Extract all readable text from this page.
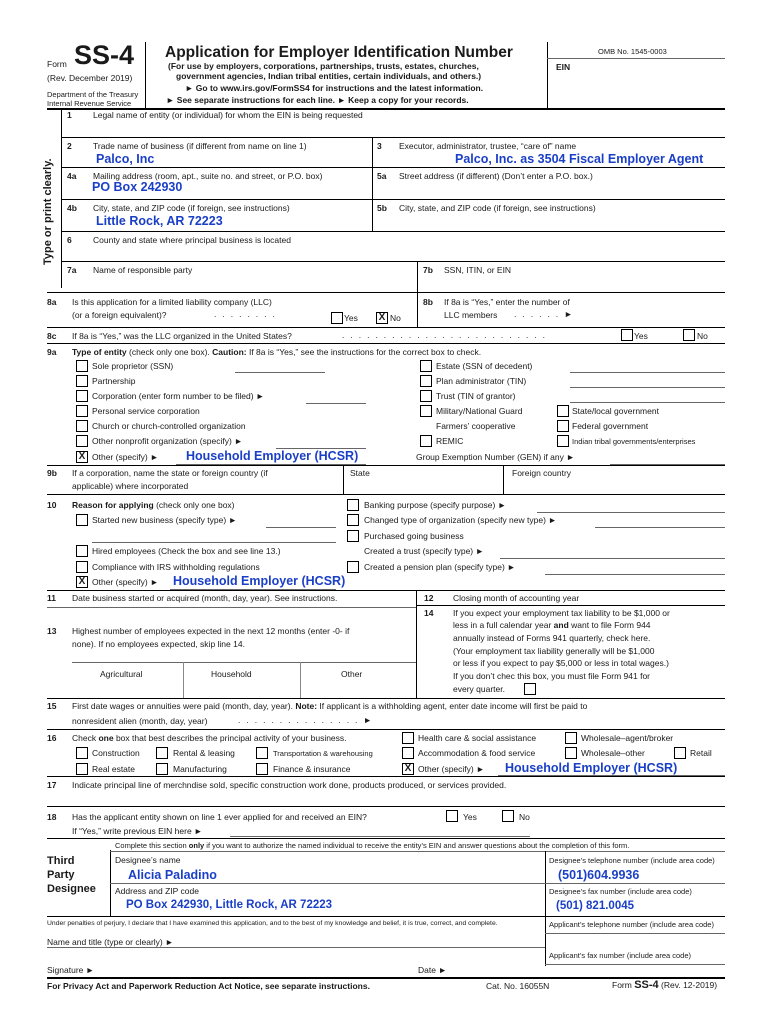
Form SS-4
(Rev. December 2019)
Department of the Treasury
Internal Revenue Service
Application for Employer Identification Number
(For use by employers, corporations, partnerships, trusts, estates, churches,
government agencies, Indian tribal entities, certain individuals, and others.)
► Go to www.irs.gov/FormSS4 for instructions and the latest information.
► See separate instructions for each line. ► Keep a copy for your records.
OMB No. 1545-0003
EIN
Type or print clearly.
1	Legal name of entity (or individual) for whom the EIN is being requested
2	Trade name of business (if different from name on line 1)
Palco, Inc
3 Executor, administrator, trustee, “care of” name
Palco, Inc. as 3504 Fiscal Employer Agent
4a Mailing address (room, apt., suite no. and street, or P.O. box)
PO Box 242930
5a Street address (if different) (Don’t enter a P.O. box.)
4b City, state, and ZIP code (if foreign, see instructions)
Little Rock, AR 72223
5b City, state, and ZIP code (if foreign, see instructions)
6	County and state where principal business is located
7a Name of responsible party	7b SSN, ITIN, or EIN
8a Is this application for a limited liability company (LLC)
(or a foreign equivalent)?	........	Yes X No
8b If 8a is “Yes,” enter the number of
LLC members ......►
8c If 8a is “Yes,” was the LLC organized in the United States?	.........................	Yes	No
9a Type of entity (check only one box). Caution: If 8a is “Yes,” see the instructions for the correct box to check.
Sole proprietor (SSN)
Partnership
Corporation (enter form number to be filed) ►
Personal service corporation
Church or church-controlled organization
Other nonprofit organization (specify) ►
X Other (specify) ► Household Employer (HCSR)
Estate (SSN of decedent)
Plan administrator (TIN)
Trust (TIN of grantor)
Military/National Guard	State/local government
Farmers’ cooperative	Federal government
REMIC	Indian tribal governments/enterprises
Group Exemption Number (GEN) if any ►
9b If a corporation, name the state or foreign country (if
applicable) where incorporated
State	Foreign country
10 Reason for applying (check only one box)
Started new business (specify type) ►
Hired employees (Check the box and see line 13.)
Compliance with IRS withholding regulations
X Other (specify) ► Household Employer (HCSR)
Banking purpose (specify purpose) ►
Changed type of organization (specify new type) ►
Purchased going business
Created a trust (specify type) ►
Created a pension plan (specify type) ►
11 Date business started or acquired (month, day, year). See instructions.	12 Closing month of accounting year
14 If you expect your employment tax liability to be $1,000 or
less in a full calendar year and want to file Form 944
annually instead of Forms 941 quarterly, check here.
(Your employment tax liability generally will be $1,000
or less if you expect to pay $5,000 or less in total wages.)
If you don’t chec this box, you must file Form 941 for
every quarter.
13 Highest number of employees expected in the next 12 months (enter -0- if
none). If no employees expected, skip line 14.
Agricultural	Household	Other
15 First date wages or annuities were paid (month, day, year). Note: If applicant is a withholding agent, enter date income will first be paid to
nonresident alien (month, day, year)	...............►
16 Check one box that best describes the principal activity of your business.	Health care & social assistance	Wholesale–agent/broker
Construction	Rental & leasing	Transportation & warehousing	Accommodation & food service	Wholesale–other	Retail
Real estate	Manufacturing	Finance & insurance	X Other (specify) ► Household Employer (HCSR)
17 Indicate principal line of merchndise sold, specific construction work done, products produced, or services provided.
18 Has the applicant entity shown on line 1 ever applied for and received an EIN?	Yes	No
If “Yes,” write previous EIN here ►
Complete this section only if you want to authorize the named individual to receive the entity’s EIN and answer questions about the completion of this form.
Third
Party
Designee
Designee’s name
Alicia Paladino
Designee’s telephone number (include area code)
(501)604.9936
Address and ZIP code
PO Box 242930, Little Rock, AR 72223
Designee’s fax number (include area code)
(501) 821.0045
Under penalties of perjury, I declare that I have examined this application, and to the best of my knowledge and belief, it is true, correct, and complete.	Applicant’s telephone number (include area code)
Name and title (type or clearly) ►
Applicant’s fax number (include area code)
Signature ►	Date ►
For Privacy Act and Paperwork Reduction Act Notice, see separate instructions.	Cat. No. 16055N	Form SS-4 (Rev. 12-2019)
